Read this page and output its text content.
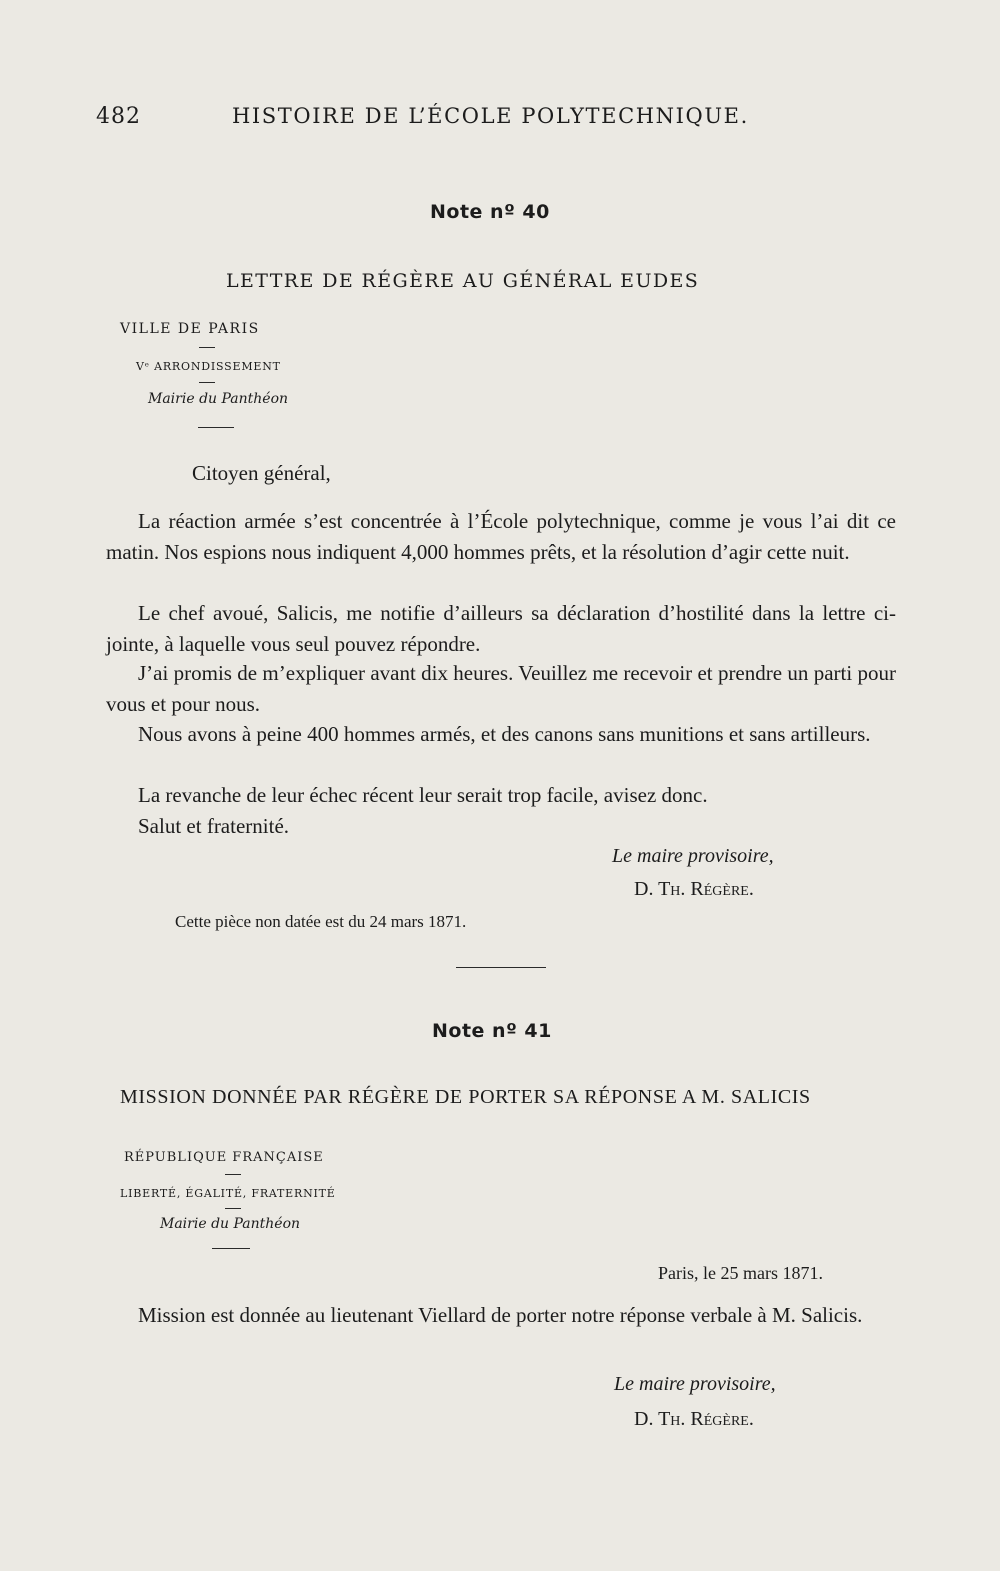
482	HISTOIRE DE L’ÉCOLE POLYTECHNIQUE.
Note nº 40
LETTRE DE RÉGÈRE AU GÉNÉRAL EUDES
VILLE DE PARIS
Vᵉ ARRONDISSEMENT
Mairie du Panthéon
Citoyen général,
La réaction armée s’est concentrée à l’École polytechnique, comme je vous l’ai dit ce matin. Nos espions nous indiquent 4,000 hommes prêts, et la résolution d’agir cette nuit.
Le chef avoué, Salicis, me notifie d’ailleurs sa déclaration d’hostilité dans la lettre ci-jointe, à laquelle vous seul pouvez répondre.
J’ai promis de m’expliquer avant dix heures. Veuillez me recevoir et prendre un parti pour vous et pour nous.
Nous avons à peine 400 hommes armés, et des canons sans munitions et sans artilleurs.
La revanche de leur échec récent leur serait trop facile, avisez donc.
Salut et fraternité.
Le maire provisoire,
D. Th. Régère.
Cette pièce non datée est du 24 mars 1871.
Note nº 41
MISSION DONNÉE PAR RÉGÈRE DE PORTER SA RÉPONSE A M. SALICIS
RÉPUBLIQUE FRANÇAISE
LIBERTÉ, ÉGALITÉ, FRATERNITÉ
Mairie du Panthéon
Paris, le 25 mars 1871.
Mission est donnée au lieutenant Viellard de porter notre réponse verbale à M. Salicis.
Le maire provisoire,
D. Th. Régère.
